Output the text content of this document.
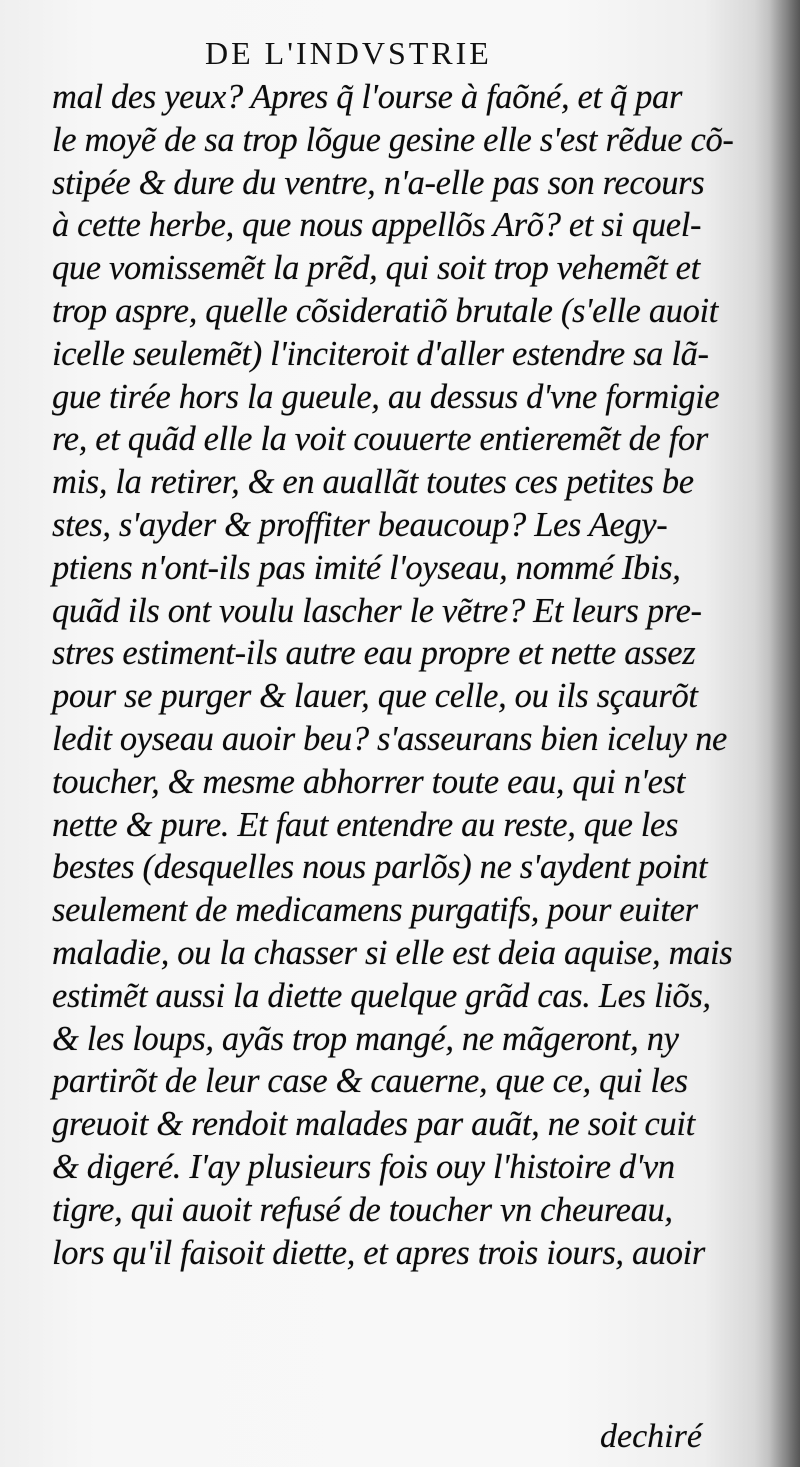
DE L'INDVSTRIE
mal des yeux? Apres q̃ l'ourse à faõné, et q̃ par
le moyẽ de sa trop lõgue gesine elle s'est rẽdue cõ-
stipée & dure du ventre, n'a-elle pas son recours
à cette herbe, que nous appellõs Arõ? et si quel-
que vomissemẽt la prẽd, qui soit trop vehemẽt et
trop aspre, quelle cõsideratiõ brutale (s'elle auoit
icelle seulemẽt) l'inciteroit d'aller estendre sa lã-
gue tirée hors la gueule, au dessus d'vne formigie
re, et quãd elle la voit couuerte entieremẽt de for
mis, la retirer, & en auallãt toutes ces petites be
stes, s'ayder & proffiter beaucoup? Les Aegy-
ptiens n'ont-ils pas imité l'oyseau, nommé Ibis,
quãd ils ont voulu lascher le vẽtre? Et leurs pre-
stres estiment-ils autre eau propre et nette assez
pour se purger & lauer, que celle, ou ils sçaurõt
ledit oyseau auoir beu? s'asseurans bien iceluy ne
toucher, & mesme abhorrer toute eau, qui n'est
nette & pure. Et faut entendre au reste, que les
bestes (desquelles nous parlõs) ne s'aydent point
seulement de medicamens purgatifs, pour euiter
maladie, ou la chasser si elle est deia aquise, mais
estimẽt aussi la diette quelque grãd cas. Les liõs,
& les loups, ayãs trop mangé, ne mãgeront, ny
partirõt de leur case & cauerne, que ce, qui les
greuoit & rendoit malades par auãt, ne soit cuit
& digeré. I'ay plusieurs fois ouy l'histoire d'vn
tigre, qui auoit refusé de toucher vn cheureau,
lors qu'il faisoit diette, et apres trois iours, auoir
dechiré
